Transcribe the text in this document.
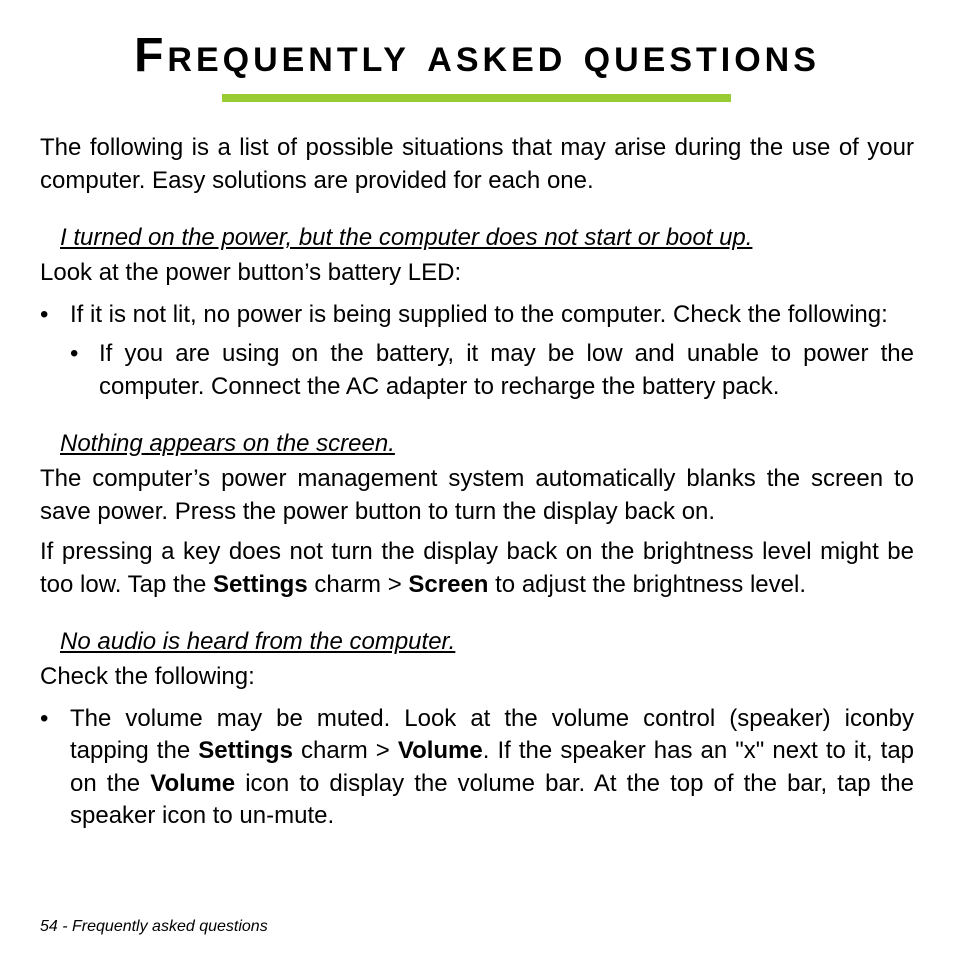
Frequently asked questions

The following is a list of possible situations that may arise during the use of your computer. Easy solutions are provided for each one.

I turned on the power, but the computer does not start or boot up.

Look at the power button’s battery LED:

• If it is not lit, no power is being supplied to the computer. Check the following:
• If you are using on the battery, it may be low and unable to power the computer. Connect the AC adapter to recharge the battery pack.

Nothing appears on the screen.

The computer’s power management system automatically blanks the screen to save power. Press the power button to turn the display back on.

If pressing a key does not turn the display back on the brightness level might be too low. Tap the Settings charm > Screen to adjust the brightness level.

No audio is heard from the computer.

Check the following:

• The volume may be muted. Look at the volume control (speaker) iconby tapping the Settings charm > Volume. If the speaker has an "x" next to it, tap on the Volume icon to display the volume bar. At the top of the bar, tap the speaker icon to un-mute.
54 - Frequently asked questions
